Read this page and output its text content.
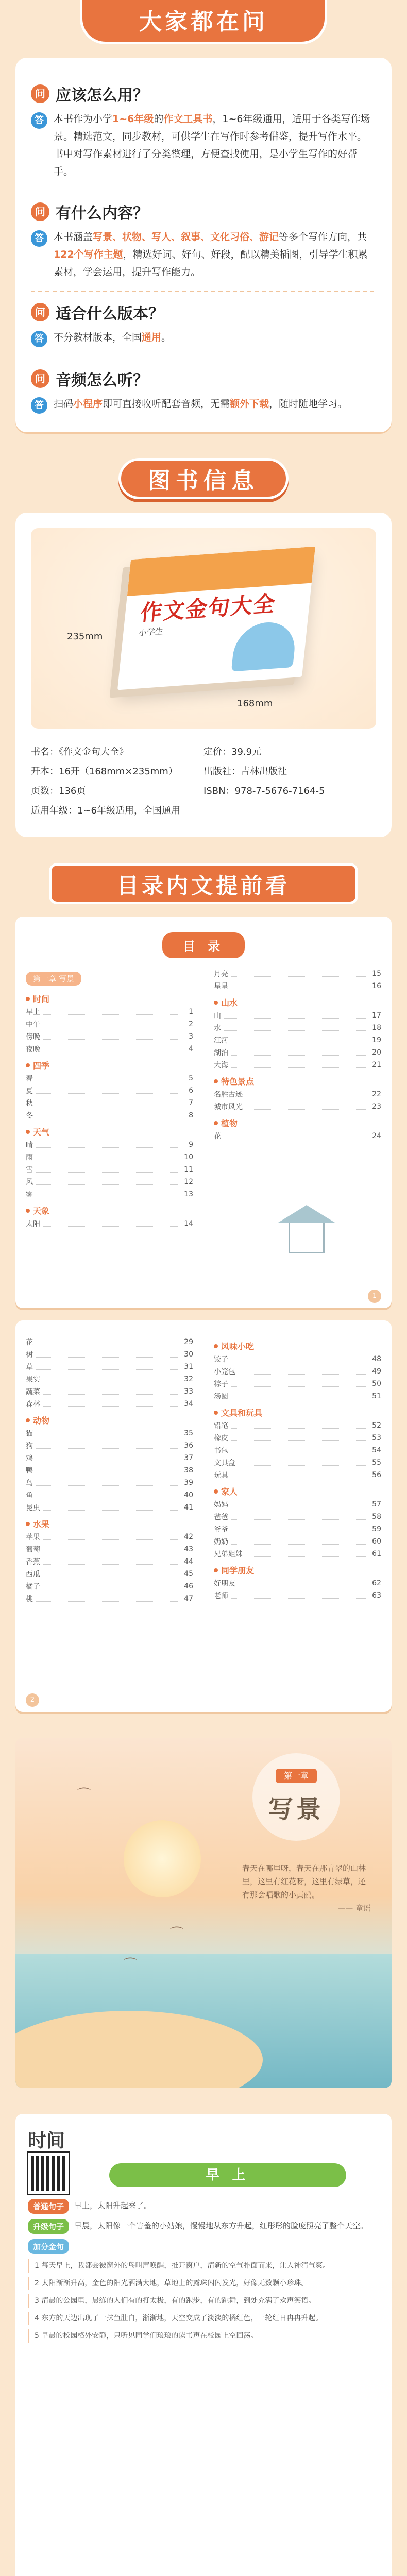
大家都在问
问 应该怎么用？
答	本书作为小学1~6年级的作文工具书，1~6年级通用，适用于各类写作场景。精选范文，同步教材，可供学生在写作时参考借鉴，提升写作水平。书中对写作素材进行了分类整理，方便查找使用，是小学生写作的好帮手。
问 有什么内容？
答	本书涵盖写景、状物、写人、叙事、文化习俗、游记等多个写作方向，共122个写作主题，精选好词、好句、好段，配以精美插图，引导学生积累素材，学会运用，提升写作能力。
问 适合什么版本？
答	不分教材版本，全国通用。
问 音频怎么听？
答	扫码小程序即可直接收听配套音频，无需额外下载，随时随地学习。
图书信息
小学生
作文金句大全
235mm
168mm
书名：《作文金句大全》	定价：39.9元
开本：16开（168mm×235mm）	出版社：吉林出版社
页数：136页	ISBN：978-7-5676-7164-5
适用年级：1~6年级适用，全国通用
目录内文提前看
目 录
第一章 写景
时间
早上	1
中午	2
傍晚	3
夜晚	4
四季
春	5
夏	6
秋	7
冬	8
天气
晴	9
雨	10
雪	11
风	12
雾	13
天象
太阳	14
月亮	15
星星	16
山水
山	17
水	18
江河	19
湖泊	20
大海	21
特色景点
名胜古迹	22
城市风光	23
植物
花	24
1
花	29
树	30
草	31
果实	32
蔬菜	33
森林	34
动物
猫	35
狗	36
鸡	37
鸭	38
鸟	39
鱼	40
昆虫	41
水果
苹果	42
葡萄	43
香蕉	44
西瓜	45
橘子	46
桃	47
风味小吃
饺子	48
小笼包	49
粽子	50
汤圆	51
文具和玩具
铅笔	52
橡皮	53
书包	54
文具盒	55
玩具	56
家人
妈妈	57
爸爸	58
爷爷	59
奶奶	60
兄弟姐妹	61
同学朋友
好朋友	62
老师	63
2
⌒
⌒
⌒
第一章
写景
春天在哪里呀，春天在那青翠的山林里，这里有红花呀，这里有绿草，还有那会唱歌的小黄鹂。
—— 童谣
时间
早 上
普通句子	早上，太阳升起来了。
升级句子	早晨，太阳像一个害羞的小姑娘，慢慢地从东方升起，红彤彤的脸庞照亮了整个天空。
加分金句
1 每天早上，我都会被窗外的鸟叫声唤醒，推开窗户，清新的空气扑面而来，让人神清气爽。
2 太阳渐渐升高，金色的阳光洒满大地，草地上的露珠闪闪发光，好像无数颗小珍珠。
3 清晨的公园里，晨练的人们有的打太极，有的跑步，有的跳舞，到处充满了欢声笑语。
4 东方的天边出现了一抹鱼肚白，渐渐地，天空变成了淡淡的橘红色，一轮红日冉冉升起。
5 早晨的校园格外安静，只听见同学们琅琅的读书声在校园上空回荡。
